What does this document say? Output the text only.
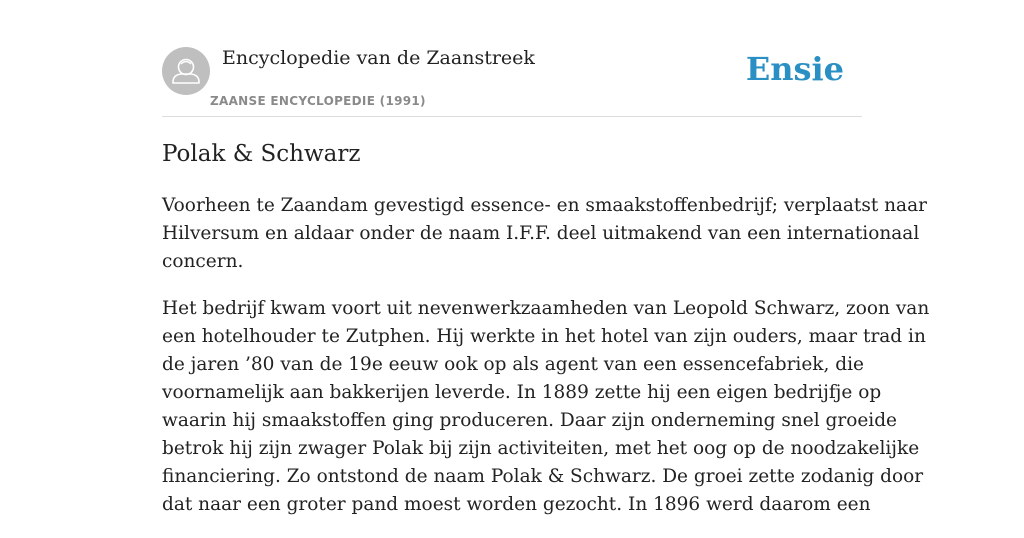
Encyclopedie van de Zaanstreek
ZAANSE ENCYCLOPEDIE (1991)
Ensie
Polak & Schwarz

Voorheen te Zaandam gevestigd essence- en smaakstoffenbedrijf; verplaatst naar
Hilversum en aldaar onder de naam I.F.F. deel uitmakend van een internationaal
concern.

Het bedrijf kwam voort uit nevenwerkzaamheden van Leopold Schwarz, zoon van
een hotelhouder te Zutphen. Hij werkte in het hotel van zijn ouders, maar trad in
de jaren ’80 van de 19e eeuw ook op als agent van een essencefabriek, die
voornamelijk aan bakkerijen leverde. In 1889 zette hij een eigen bedrijfje op
waarin hij smaakstoffen ging produceren. Daar zijn onderneming snel groeide
betrok hij zijn zwager Polak bij zijn activiteiten, met het oog op de noodzakelijke
financiering. Zo ontstond de naam Polak & Schwarz. De groei zette zodanig door
dat naar een groter pand moest worden gezocht. In 1896 werd daarom een
